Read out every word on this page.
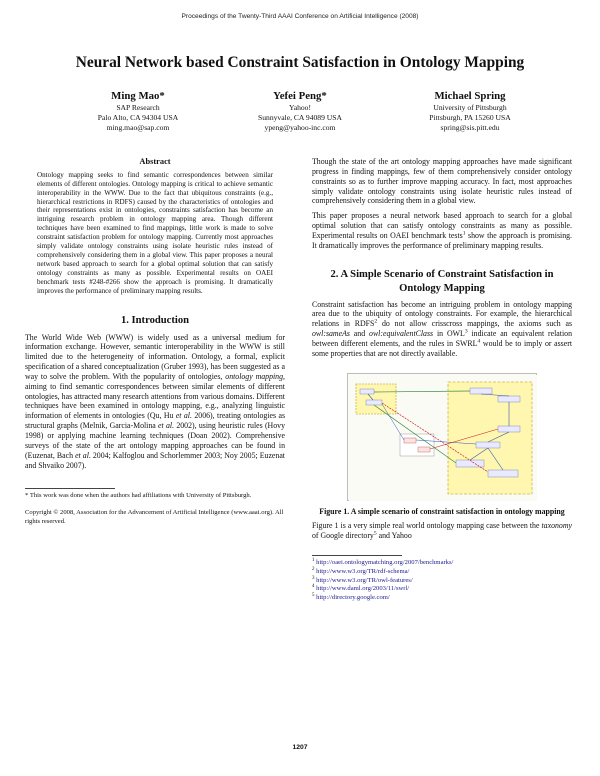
Proceedings of the Twenty-Third AAAI Conference on Artificial Intelligence (2008)
Neural Network based Constraint Satisfaction in Ontology Mapping
Ming Mao*
SAP Research
Palo Alto, CA 94304 USA
ming.mao@sap.com
Yefei Peng*
Yahoo!
Sunnyvale, CA 94089 USA
ypeng@yahoo-inc.com
Michael Spring
University of Pittsburgh
Pittsburgh, PA 15260 USA
spring@sis.pitt.edu
Abstract
Ontology mapping seeks to find semantic correspondences between similar elements of different ontologies. Ontology mapping is critical to achieve semantic interoperability in the WWW. Due to the fact that ubiquitous constraints (e.g., hierarchical restrictions in RDFS) caused by the characteristics of ontologies and their representations exist in ontologies, constraints satisfaction has become an intriguing research problem in ontology mapping area. Though different techniques have been examined to find mappings, little work is made to solve constraint satisfaction problem for ontology mapping. Currently most approaches simply validate ontology constraints using isolate heuristic rules instead of comprehensively considering them in a global view. This paper proposes a neural network based approach to search for a global optimal solution that can satisfy ontology constraints as many as possible. Experimental results on OAEI benchmark tests #248-#266 show the approach is promising. It dramatically improves the performance of preliminary mapping results.
1. Introduction

The World Wide Web (WWW) is widely used as a universal medium for information exchange. However, semantic interoperability in the WWW is still limited due to the heterogeneity of information. Ontology, a formal, explicit specification of a shared conceptualization (Gruber 1993), has been suggested as a way to solve the problem. With the popularity of ontologies, ontology mapping, aiming to find semantic correspondences between similar elements of different ontologies, has attracted many research attentions from various domains. Different techniques have been examined in ontology mapping, e.g., analyzing linguistic information of elements in ontologies (Qu, Hu et al. 2006), treating ontologies as structural graphs (Melnik, Garcia-Molina et al. 2002), using heuristic rules (Hovy 1998) or applying machine learning techniques (Doan 2002). Comprehensive surveys of the state of the art ontology mapping approaches can be found in (Euzenat, Bach et al. 2004; Kalfoglou and Schorlemmer 2003; Noy 2005; Euzenat and Shvaiko 2007).

* This work was done when the authors had affiliations with University of Pittsburgh.
Copyright © 2008, Association for the Advancement of Artificial Intelligence (www.aaai.org). All rights reserved.

Though the state of the art ontology mapping approaches have made significant progress in finding mappings, few of them comprehensively consider ontology constraints so as to further improve mapping accuracy. In fact, most approaches simply validate ontology constraints using isolate heuristic rules instead of comprehensively considering them in a global view.

This paper proposes a neural network based approach to search for a global optimal solution that can satisfy ontology constraints as many as possible. Experimental results on OAEI benchmark tests$^1$ show the approach is promising. It dramatically improves the performance of preliminary mapping results.

2. A Simple Scenario of Constraint Satisfaction in Ontology Mapping

Constraint satisfaction has become an intriguing problem in ontology mapping area due to the ubiquity of ontology constraints. For example, the hierarchical relations in RDFS$^2$ do not allow crisscross mappings, the axioms such as owl:sameAs and owl:equivalentClass in OWL$^3$ indicate an equivalent relation between different elements, and the rules in SWRL$^4$ would be to imply or assert some properties that are not directly available.

Figure 1. A simple scenario of constraint satisfaction in ontology mapping

Figure 1 is a very simple real world ontology mapping case between the taxonomy of Google directory$^5$ and Yahoo

$^1$ http://oaei.ontologymatching.org/2007/benchmarks/
$^2$ http://www.w3.org/TR/rdf-schema/
$^3$ http://www.w3.org/TR/owl-features/
$^4$ http://www.daml.org/2003/11/swrl/
$^5$ http://directory.google.com/
1207
